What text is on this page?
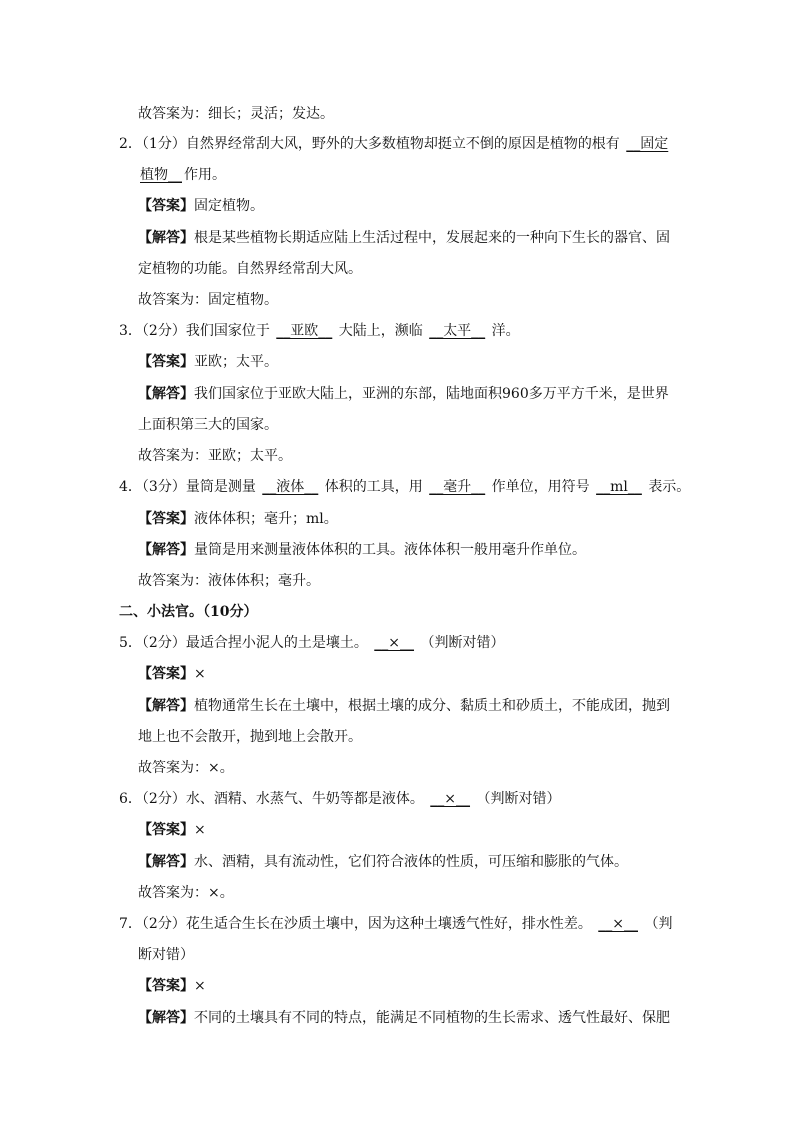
故答案为：细长；灵活；发达。
2．（1分）自然界经常刮大风，野外的大多数植物却挺立不倒的原因是植物的根有 __固定
植物__ 作用。
【答案】固定植物。
【解答】根是某些植物长期适应陆上生活过程中，发展起来的一种向下生长的器官、固
定植物的功能。自然界经常刮大风。
故答案为：固定植物。
3．（2分）我们国家位于 __亚欧__ 大陆上，濒临 __太平__ 洋。
【答案】亚欧；太平。
【解答】我们国家位于亚欧大陆上，亚洲的东部，陆地面积960多万平方千米，是世界
上面积第三大的国家。
故答案为：亚欧；太平。
4．（3分）量筒是测量 __液体__ 体积的工具，用 __毫升__ 作单位，用符号 __ml__ 表示。
【答案】液体体积；毫升；ml。
【解答】量筒是用来测量液体体积的工具。液体体积一般用毫升作单位。
故答案为：液体体积；毫升。
二、小法官。（10分）
5．（2分）最适合捏小泥人的土是壤土。 __×__ （判断对错）
【答案】×
【解答】植物通常生长在土壤中，根据土壤的成分、黏质土和砂质土，不能成团，抛到
地上也不会散开，抛到地上会散开。
故答案为：×。
6．（2分）水、酒精、水蒸气、牛奶等都是液体。 __×__ （判断对错）
【答案】×
【解答】水、酒精，具有流动性，它们符合液体的性质，可压缩和膨胀的气体。
故答案为：×。
7．（2分）花生适合生长在沙质土壤中，因为这种土壤透气性好，排水性差。 __×__ （判
断对错）
【答案】×
【解答】不同的土壤具有不同的特点，能满足不同植物的生长需求、透气性最好、保肥
